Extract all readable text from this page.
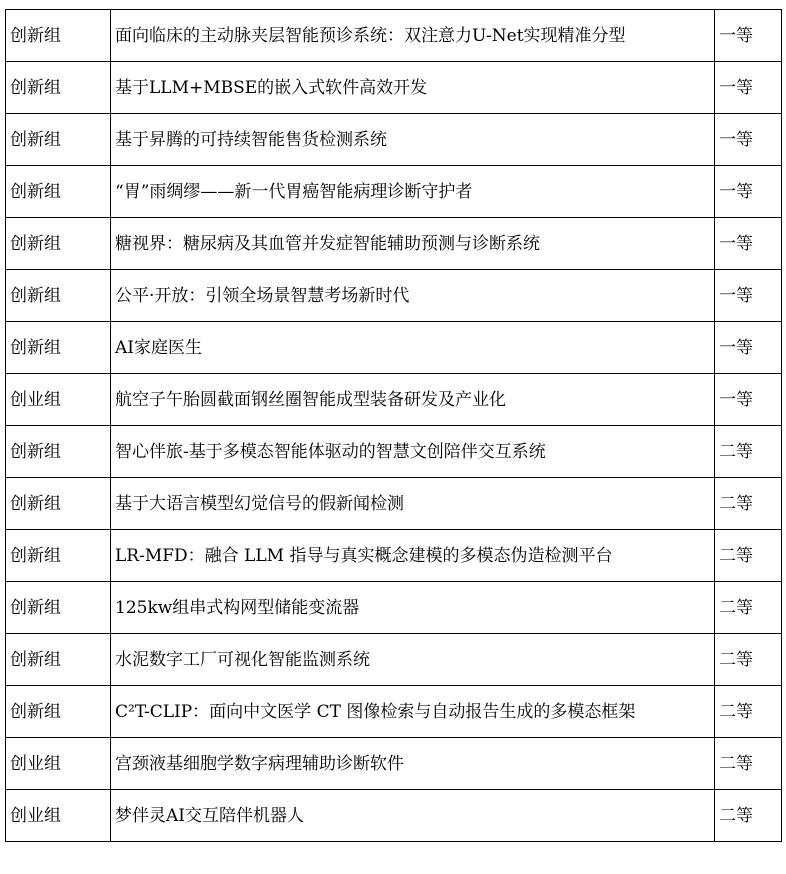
创新组	面向临床的主动脉夹层智能预诊系统：双注意力U-Net实现精准分型	一等
创新组	基于LLM+MBSE的嵌入式软件高效开发	一等
创新组	基于昇腾的可持续智能售货检测系统	一等
创新组	“胃”雨绸缪——新一代胃癌智能病理诊断守护者	一等
创新组	糖视界：糖尿病及其血管并发症智能辅助预测与诊断系统	一等
创新组	公平·开放：引领全场景智慧考场新时代	一等
创新组	AI家庭医生	一等
创业组	航空子午胎圆截面钢丝圈智能成型装备研发及产业化	一等
创新组	智心伴旅-基于多模态智能体驱动的智慧文创陪伴交互系统	二等
创新组	基于大语言模型幻觉信号的假新闻检测	二等
创新组	LR-MFD：融合 LLM 指导与真实概念建模的多模态伪造检测平台	二等
创新组	125kw组串式构网型储能变流器	二等
创新组	水泥数字工厂可视化智能监测系统	二等
创新组	C²T-CLIP：面向中文医学 CT 图像检索与自动报告生成的多模态框架	二等
创业组	宫颈液基细胞学数字病理辅助诊断软件	二等
创业组	梦伴灵AI交互陪伴机器人	二等
